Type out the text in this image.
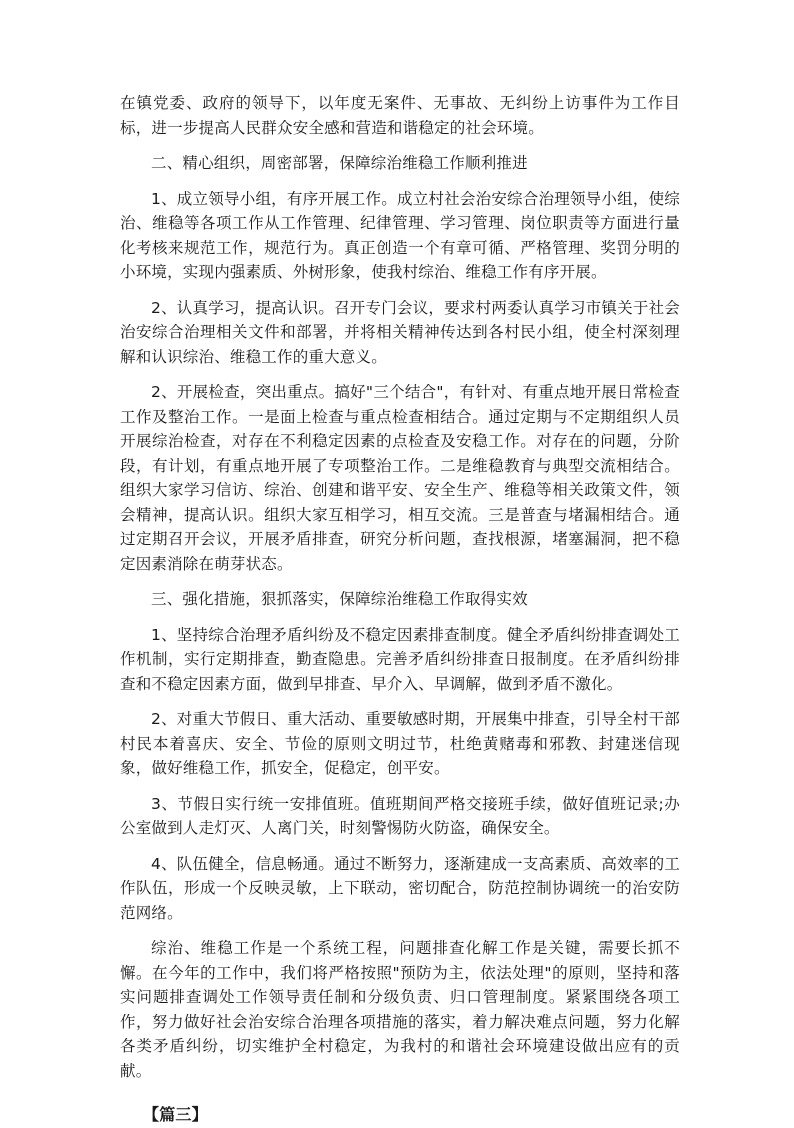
在镇党委、政府的领导下，以年度无案件、无事故、无纠纷上访事件为工作目标，进一步提高人民群众安全感和营造和谐稳定的社会环境。

二、精心组织，周密部署，保障综治维稳工作顺利推进

1、成立领导小组，有序开展工作。成立村社会治安综合治理领导小组，使综治、维稳等各项工作从工作管理、纪律管理、学习管理、岗位职责等方面进行量化考核来规范工作，规范行为。真正创造一个有章可循、严格管理、奖罚分明的小环境，实现内强素质、外树形象，使我村综治、维稳工作有序开展。

2、认真学习，提高认识。召开专门会议，要求村两委认真学习市镇关于社会治安综合治理相关文件和部署，并将相关精神传达到各村民小组，使全村深刻理解和认识综治、维稳工作的重大意义。

2、开展检查，突出重点。搞好"三个结合"，有针对、有重点地开展日常检查工作及整治工作。一是面上检查与重点检查相结合。通过定期与不定期组织人员开展综治检查，对存在不利稳定因素的点检查及安稳工作。对存在的问题，分阶段，有计划，有重点地开展了专项整治工作。二是维稳教育与典型交流相结合。组织大家学习信访、综治、创建和谐平安、安全生产、维稳等相关政策文件，领会精神，提高认识。组织大家互相学习，相互交流。三是普查与堵漏相结合。通过定期召开会议，开展矛盾排查，研究分析问题，查找根源，堵塞漏洞，把不稳定因素消除在萌芽状态。

三、强化措施，狠抓落实，保障综治维稳工作取得实效

1、坚持综合治理矛盾纠纷及不稳定因素排查制度。健全矛盾纠纷排查调处工作机制，实行定期排查，勤查隐患。完善矛盾纠纷排查日报制度。在矛盾纠纷排查和不稳定因素方面，做到早排查、早介入、早调解，做到矛盾不激化。

2、对重大节假日、重大活动、重要敏感时期，开展集中排查，引导全村干部村民本着喜庆、安全、节俭的原则文明过节，杜绝黄赌毒和邪教、封建迷信现象，做好维稳工作，抓安全，促稳定，创平安。

3、节假日实行统一安排值班。值班期间严格交接班手续，做好值班记录;办公室做到人走灯灭、人离门关，时刻警惕防火防盗，确保安全。

4、队伍健全，信息畅通。通过不断努力，逐渐建成一支高素质、高效率的工作队伍，形成一个反映灵敏，上下联动，密切配合，防范控制协调统一的治安防范网络。

综治、维稳工作是一个系统工程，问题排查化解工作是关键，需要长抓不懈。在今年的工作中，我们将严格按照"预防为主，依法处理"的原则，坚持和落实问题排查调处工作领导责任制和分级负责、归口管理制度。紧紧围绕各项工作，努力做好社会治安综合治理各项措施的落实，着力解决难点问题，努力化解各类矛盾纠纷，切实维护全村稳定，为我村的和谐社会环境建设做出应有的贡献。

【篇三】
